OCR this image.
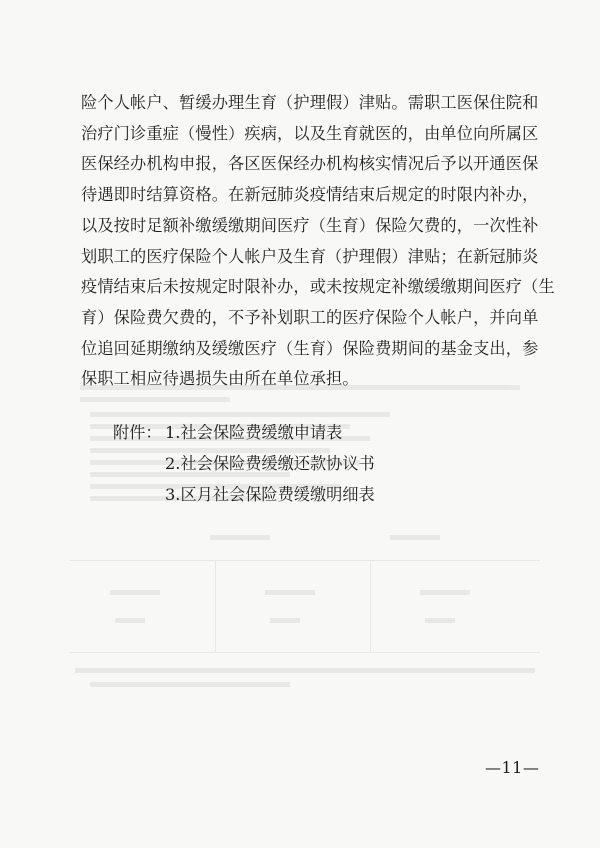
险个人帐户、暂缓办理生育（护理假）津贴。需职工医保住院和
治疗门诊重症（慢性）疾病，以及生育就医的，由单位向所属区
医保经办机构申报，各区医保经办机构核实情况后予以开通医保
待遇即时结算资格。在新冠肺炎疫情结束后规定的时限内补办，
以及按时足额补缴缓缴期间医疗（生育）保险欠费的，一次性补
划职工的医疗保险个人帐户及生育（护理假）津贴；在新冠肺炎
疫情结束后未按规定时限补办，或未按规定补缴缓缴期间医疗（生
育）保险费欠费的，不予补划职工的医疗保险个人帐户，并向单
位追回延期缴纳及缓缴医疗（生育）保险费期间的基金支出，参
保职工相应待遇损失由所在单位承担。
附件： 1.社会保险费缓缴申请表
2.社会保险费缓缴还款协议书
3.区月社会保险费缓缴明细表
—11—
